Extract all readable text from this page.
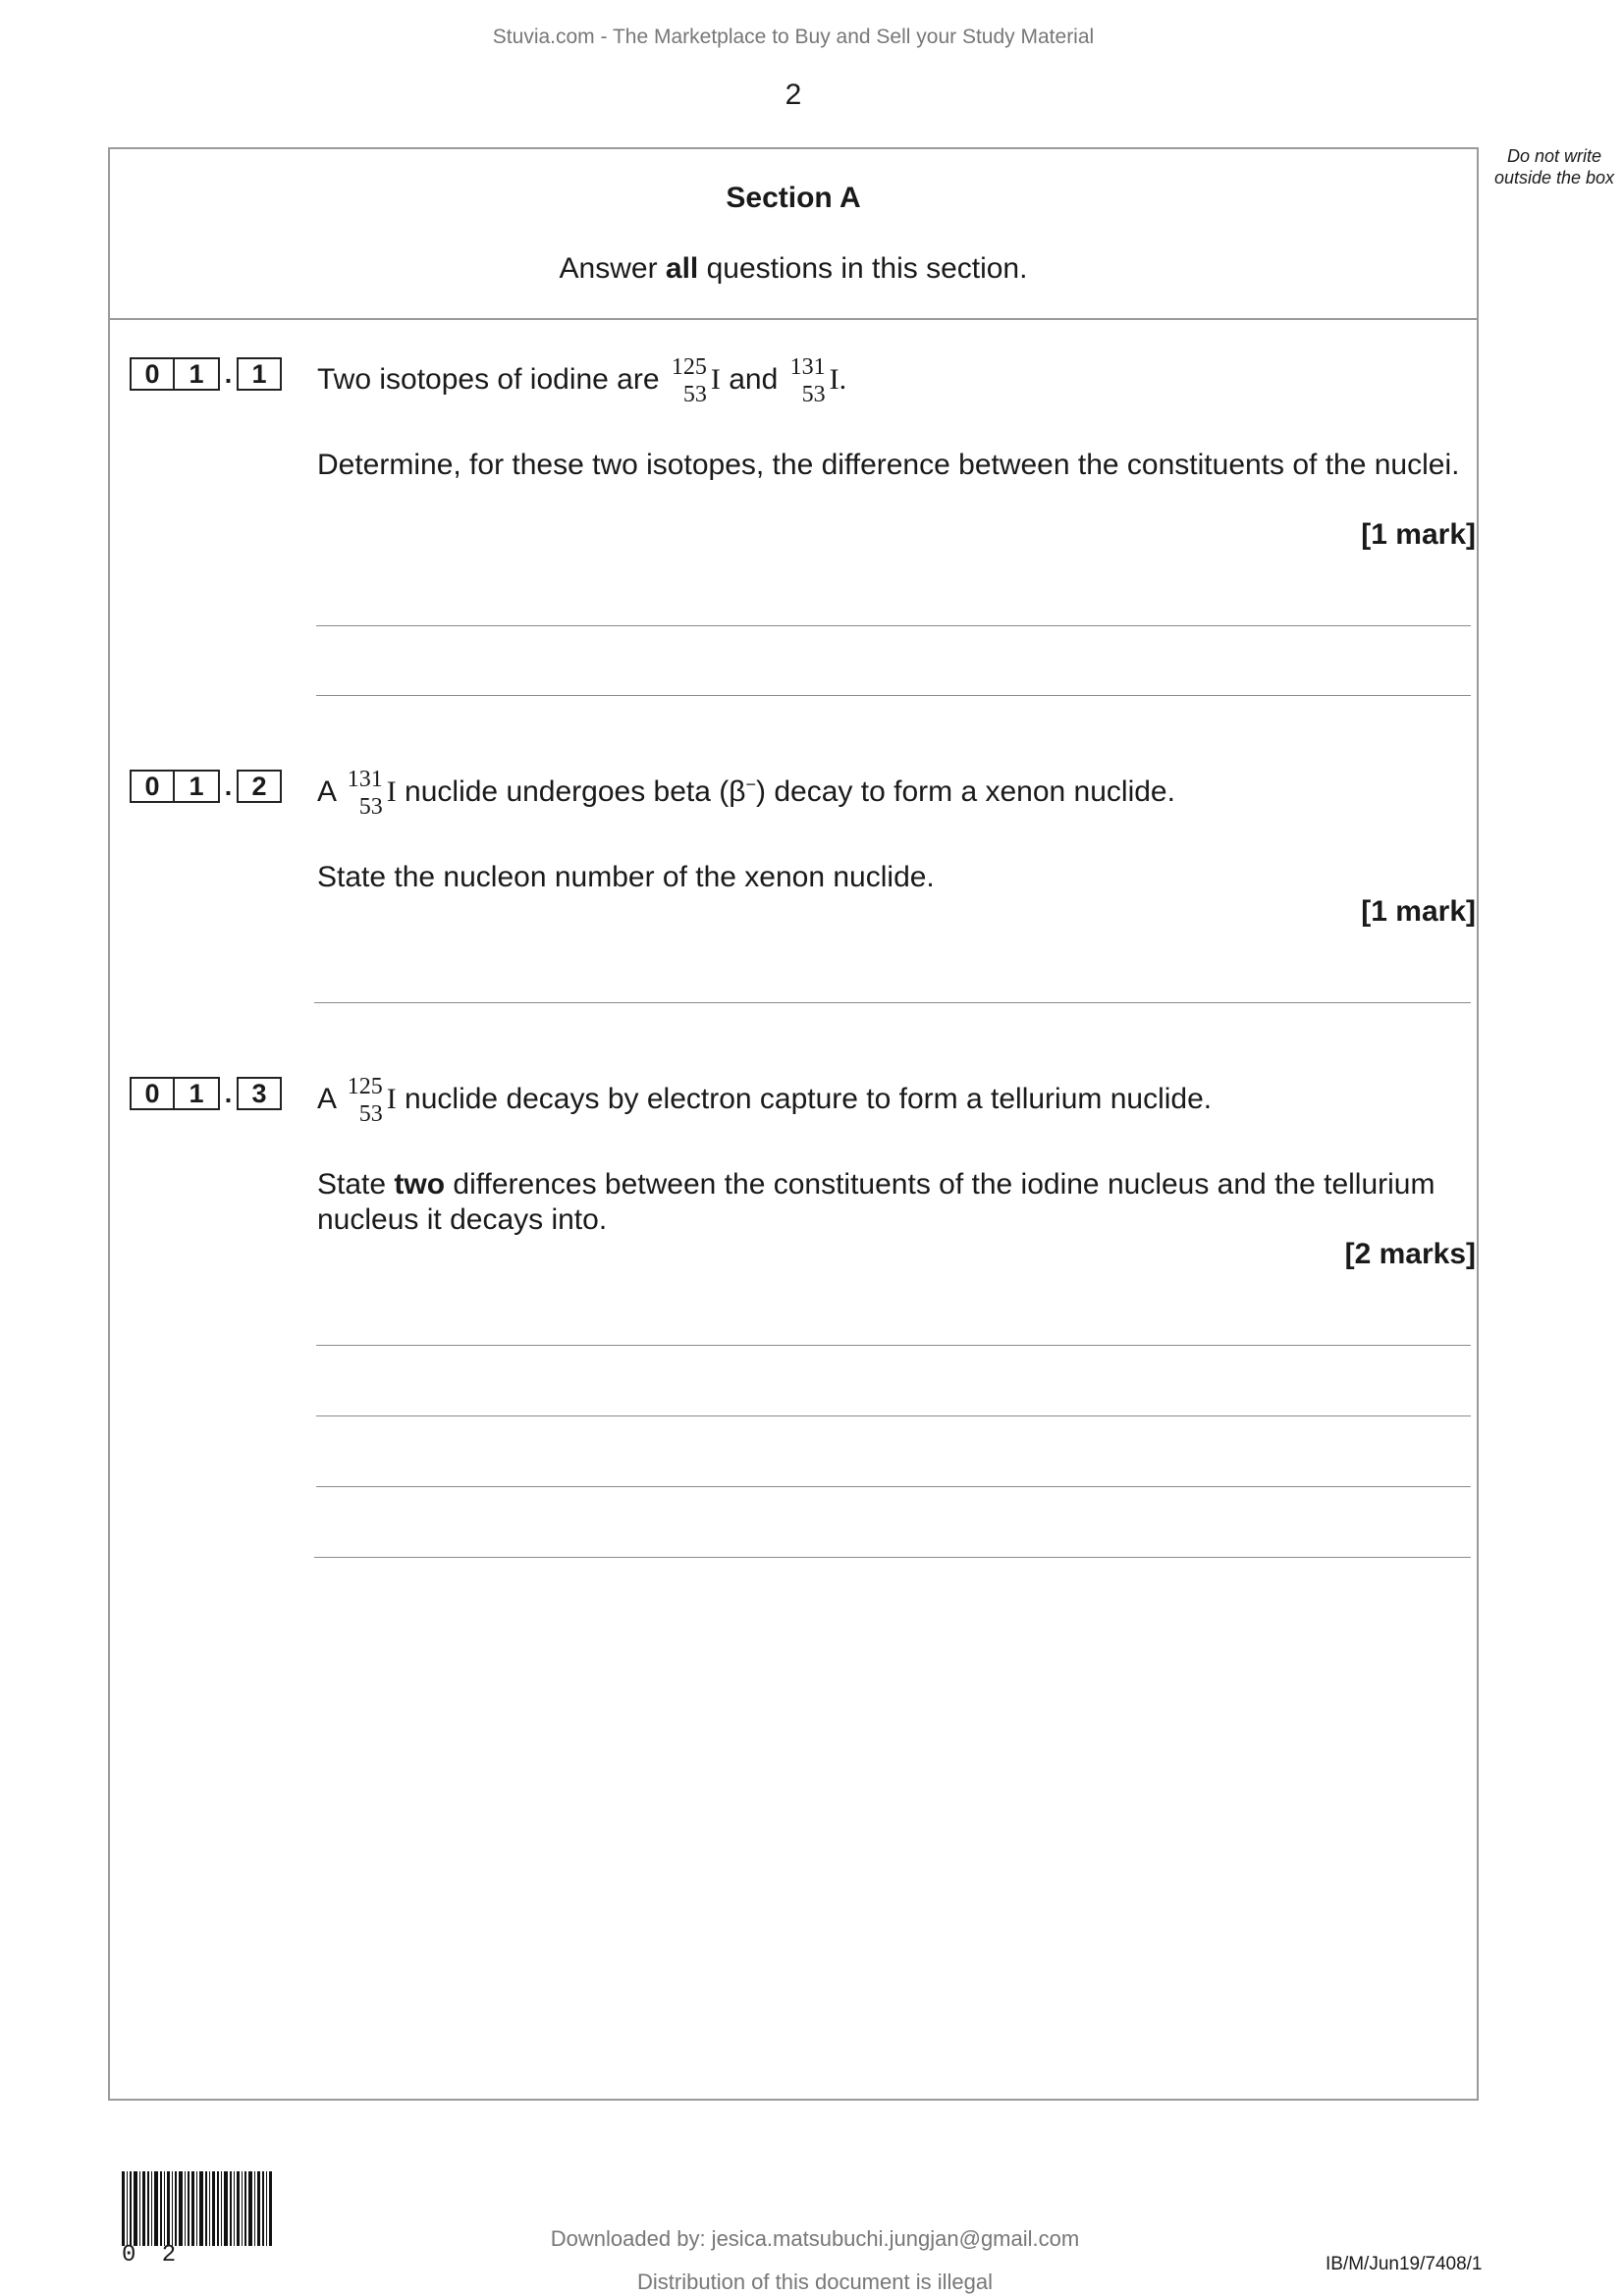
Stuvia.com - The Marketplace to Buy and Sell your Study Material
2
Do not write outside the box
Section A
Answer all questions in this section.
0	1 . 1	Two isotopes of iodine are 125
53 I and 131
53 I.
Determine, for these two isotopes, the difference between the constituents of the nuclei.
[1 mark]
0	1 . 2	A 131
53 I nuclide undergoes beta (β−) decay to form a xenon nuclide.
State the nucleon number of the xenon nuclide.
[1 mark]
0	1 . 3	A 125
53 I nuclide decays by electron capture to form a tellurium nuclide.
State two differences between the constituents of the iodine nucleus and the tellurium nucleus it decays into.
[2 marks]
0 2
Downloaded by: jesica.matsubuchi.jungjan@gmail.com
Distribution of this document is illegal
IB/M/Jun19/7408/1
